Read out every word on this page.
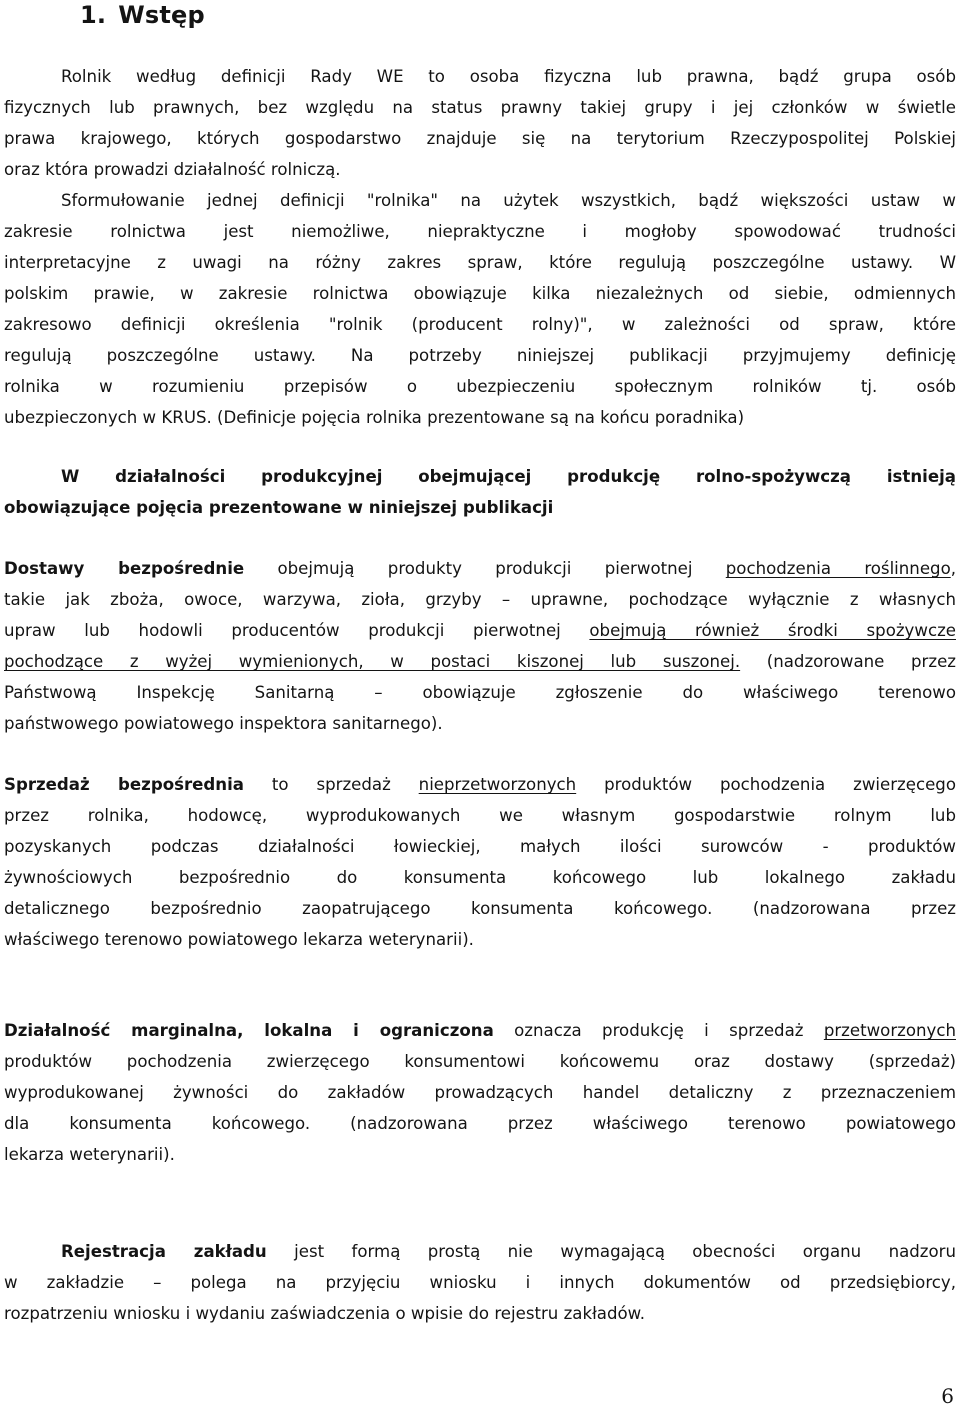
1. Wstęp
Rolnik według definicji Rady WE to osoba fizyczna lub prawna, bądź grupa osób
fizycznych lub prawnych, bez względu na status prawny takiej grupy i jej członków w świetle
prawa krajowego, których gospodarstwo znajduje się na terytorium Rzeczypospolitej Polskiej
oraz która prowadzi działalność rolniczą.
Sformułowanie jednej definicji "rolnika" na użytek wszystkich, bądź większości ustaw w
zakresie rolnictwa jest niemożliwe, niepraktyczne i mogłoby spowodować trudności
interpretacyjne z uwagi na różny zakres spraw, które regulują poszczególne ustawy. W
polskim prawie, w zakresie rolnictwa obowiązuje kilka niezależnych od siebie, odmiennych
zakresowo definicji określenia "rolnik (producent rolny)", w zależności od spraw, które
regulują poszczególne ustawy. Na potrzeby niniejszej publikacji przyjmujemy definicję
rolnika w rozumieniu przepisów o ubezpieczeniu społecznym rolników tj. osób
ubezpieczonych w KRUS. (Definicje pojęcia rolnika prezentowane są na końcu poradnika)
W działalności produkcyjnej obejmującej produkcję rolno-spożywczą istnieją
obowiązujące pojęcia prezentowane w niniejszej publikacji
Dostawy bezpośrednie obejmują produkty produkcji pierwotnej pochodzenia roślinnego,
takie jak zboża, owoce, warzywa, zioła, grzyby – uprawne, pochodzące wyłącznie z własnych
upraw lub hodowli producentów produkcji pierwotnej obejmują również środki spożywcze
pochodzące z wyżej wymienionych, w postaci kiszonej lub suszonej. (nadzorowane przez
Państwową Inspekcję Sanitarną – obowiązuje zgłoszenie do właściwego terenowo
państwowego powiatowego inspektora sanitarnego).
Sprzedaż bezpośrednia to sprzedaż nieprzetworzonych produktów pochodzenia zwierzęcego
przez rolnika, hodowcę, wyprodukowanych we własnym gospodarstwie rolnym lub
pozyskanych podczas działalności łowieckiej, małych ilości surowców - produktów
żywnościowych bezpośrednio do konsumenta końcowego lub lokalnego zakładu
detalicznego bezpośrednio zaopatrującego konsumenta końcowego. (nadzorowana przez
właściwego terenowo powiatowego lekarza weterynarii).
Działalność marginalna, lokalna i ograniczona oznacza produkcję i sprzedaż przetworzonych
produktów pochodzenia zwierzęcego konsumentowi końcowemu oraz dostawy (sprzedaż)
wyprodukowanej żywności do zakładów prowadzących handel detaliczny z przeznaczeniem
dla konsumenta końcowego. (nadzorowana przez właściwego terenowo powiatowego
lekarza weterynarii).
Rejestracja zakładu jest formą prostą nie wymagającą obecności organu nadzoru
w zakładzie – polega na przyjęciu wniosku i innych dokumentów od przedsiębiorcy,
rozpatrzeniu wniosku i wydaniu zaświadczenia o wpisie do rejestru zakładów.
6
